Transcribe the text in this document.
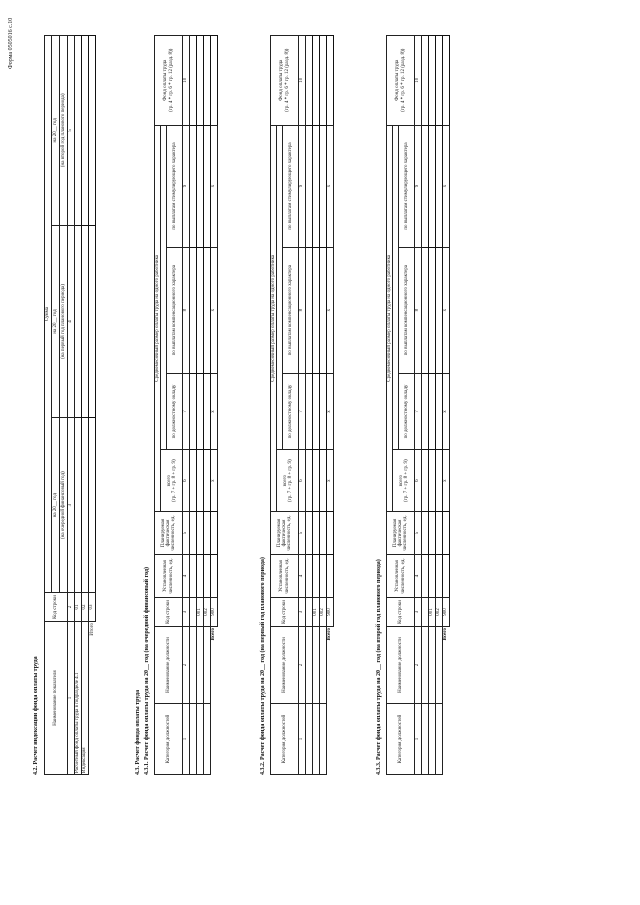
Форма 0505016 с.10
4.2. Расчет индексации фонда оплаты труда	Наименование показателя	Код строки	Сумма		
		на 20__ год	на 20__ год	на 20__ год
		(на очередной финансовый год)	(на первый год планового периода)	(на второй год планового периода)

1	2	3	4	5
Расчетный фонд оплаты труда в подразделе 4.1	01			
Индексация	02			
Итого	03			
4.3. Расчет фонда оплаты труда 4.3.1. Расчет фонда оплаты труда на 20__ год (на очередной финансовый год)	Категория должностей	Наименование должности	Код строки	Установленная численность, ед.	Планируемая фактическая численность, ед.	Среднемесячный размер оплаты труда на одного работника				Фонд оплаты труда
(гр. 4 * гр. 6 * гр. 12 (разд. 8))
					всего
(гр. 7 + гр. 8 + гр. 9)				
						по должностному окладу	по выплатам компенсационного характера	по выплатам стимулирующего характера	
1	2	3	4	5	6	7	8	9	10

		001							
		002							
Всего		900			x	x	x	x	
4.3.2. Расчет фонда оплаты труда на 20__ год (на первый год планового периода)	Категория должностей	Наименование должности	Код строки	Установленная численность, ед.	Планируемая фактическая численность, ед.	Среднемесячный размер оплаты труда на одного работника				Фонд оплаты труда
(гр. 4 * гр. 6 * гр. 12 (разд. 8))
					всего
(гр. 7 + гр. 8 + гр. 9)				
						по должностному окладу	по выплатам компенсационного характера	по выплатам стимулирующего характера	
1	2	3	4	5	6	7	8	9	10

		001							
		002							
Всего		900			x	x	x	x	
4.3.3. Расчет фонда оплаты труда на 20__ год (на второй год планового периода)	Категория должностей	Наименование должности	Код строки	Установленная численность, ед.	Планируемая фактическая численность, ед.	Среднемесячный размер оплаты труда на одного работника				Фонд оплаты труда
(гр. 4 * гр. 6 * гр. 12 (разд. 8))
					всего
(гр. 7 + гр. 8 + гр. 9)				
						по должностному окладу	по выплатам компенсационного характера	по выплатам стимулирующего характера	
1	2	3	4	5	6	7	8	9	10

		001							
		002							
Всего		900			x	x	x	x	
